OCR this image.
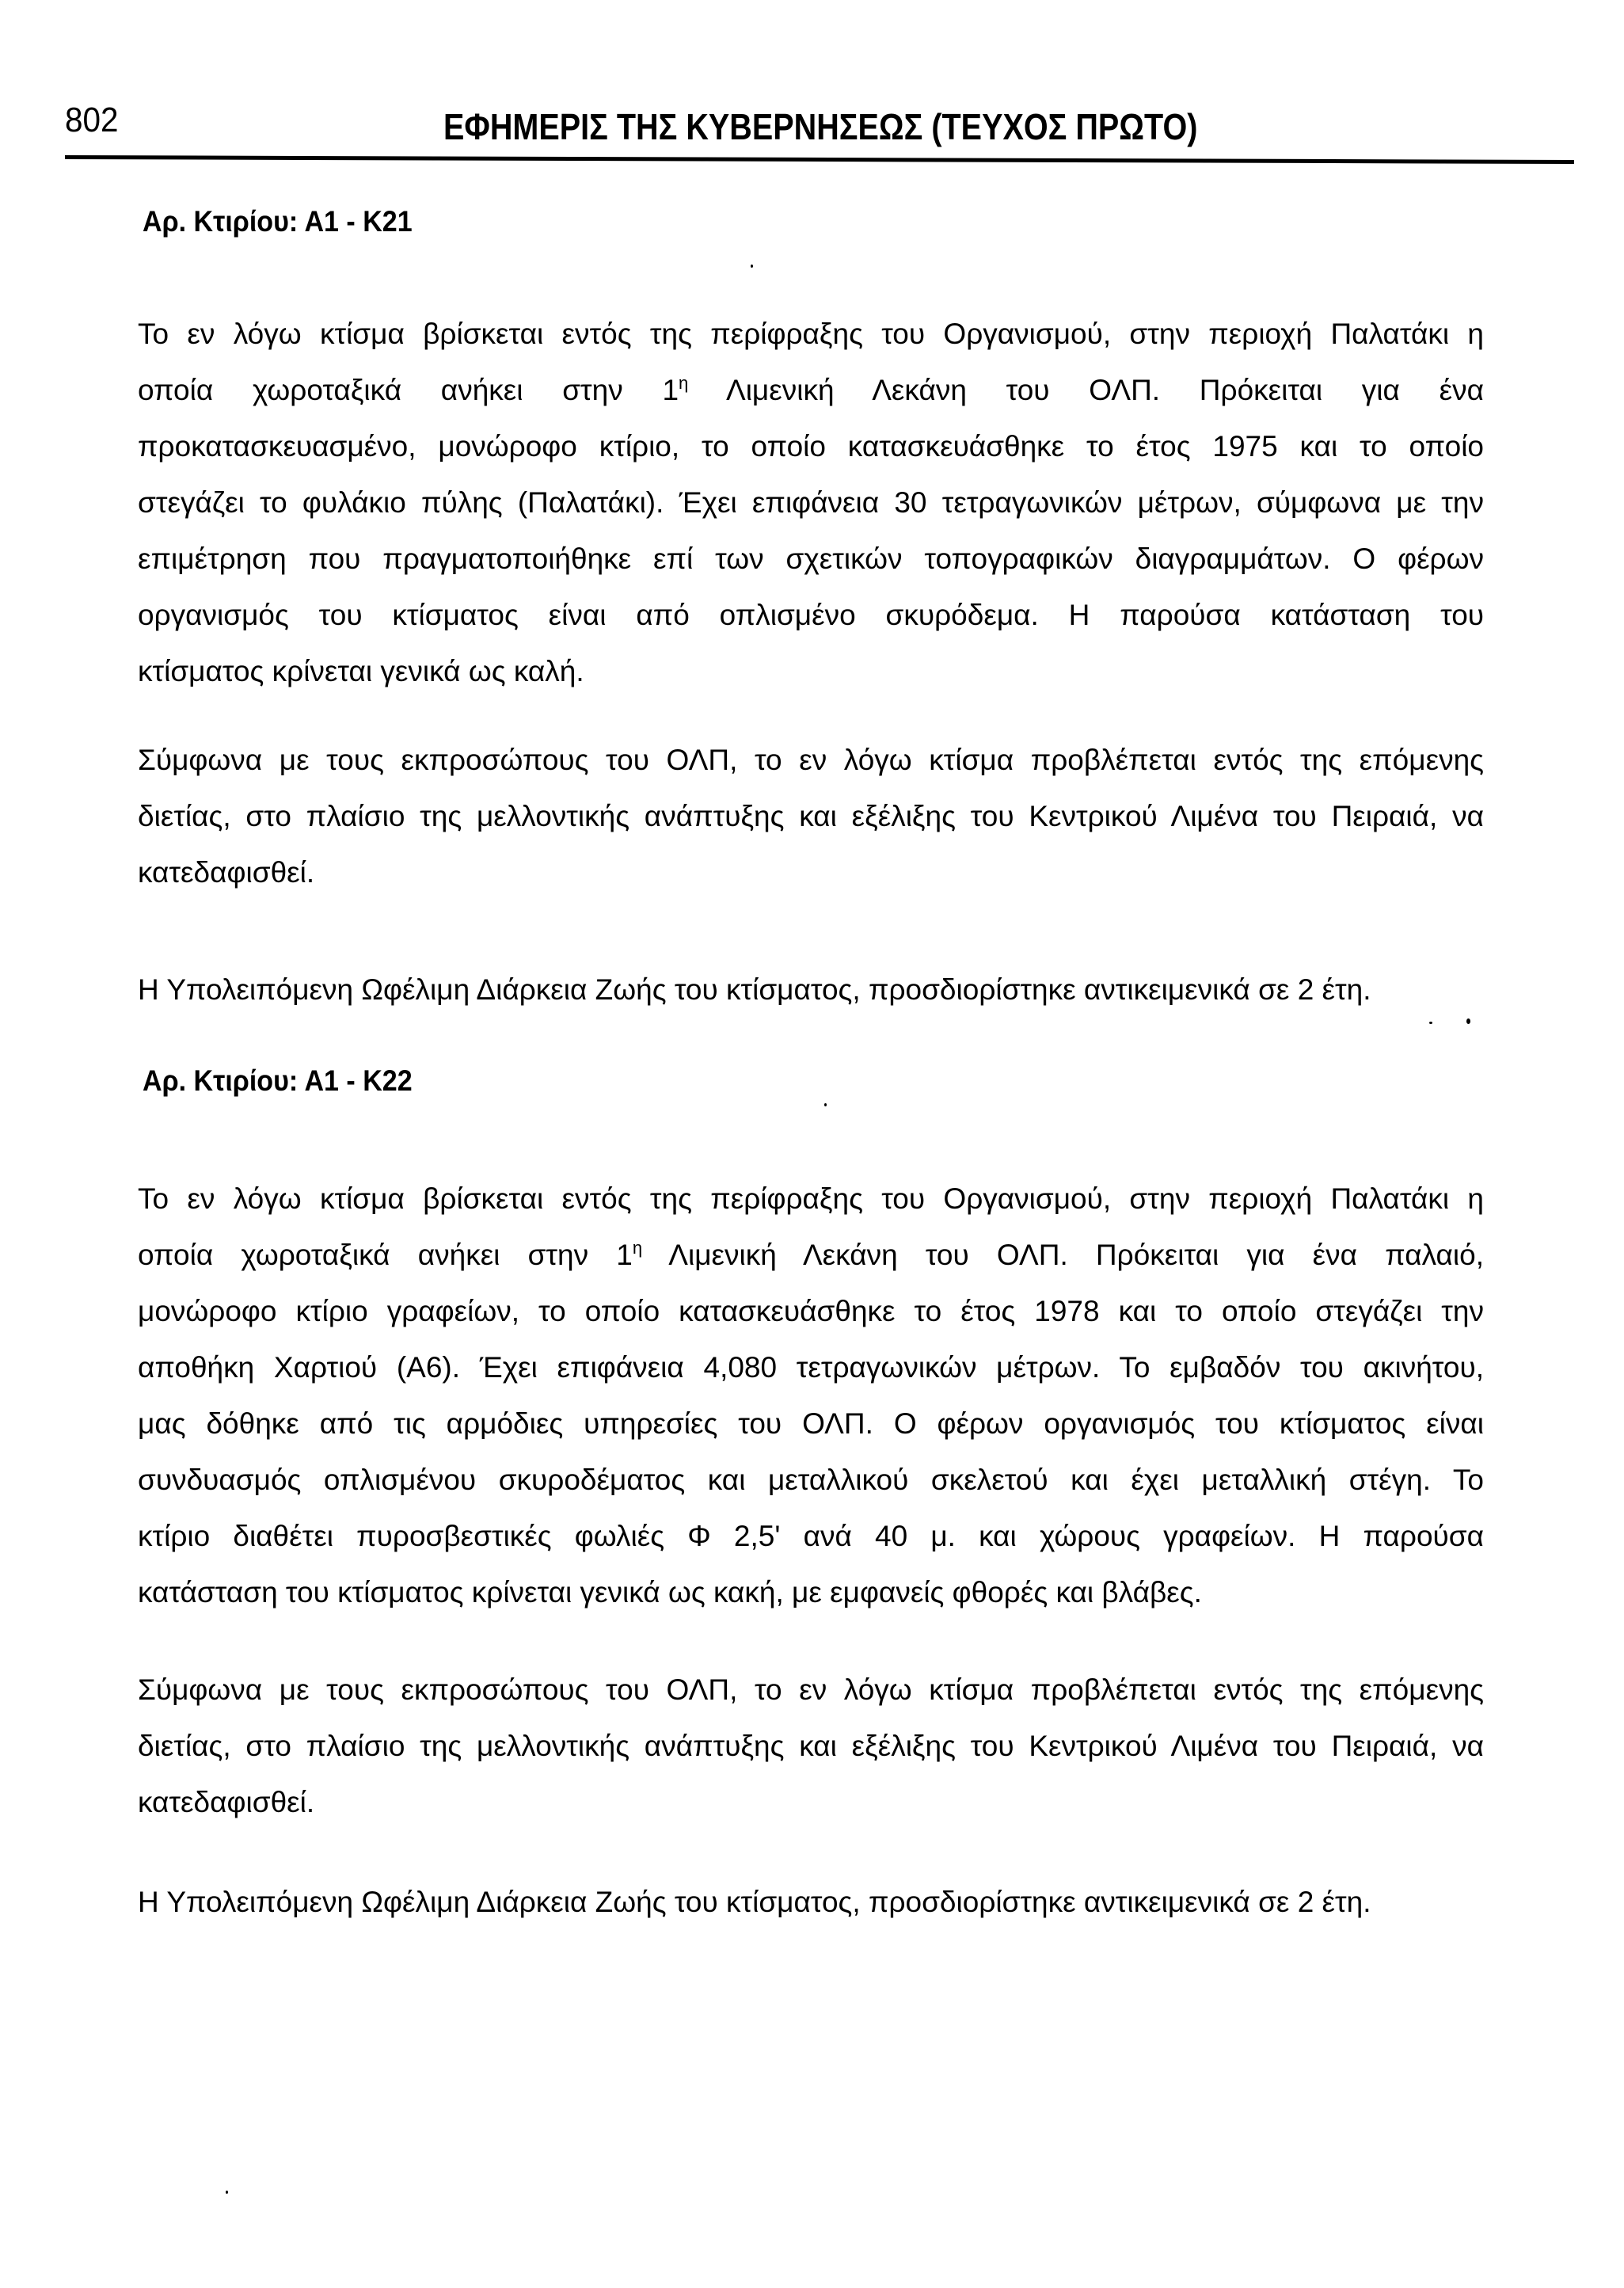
802	ΕΦΗΜΕΡΙΣ ΤΗΣ ΚΥΒΕΡΝΗΣΕΩΣ (ΤΕΥΧΟΣ ΠΡΩΤΟ)
Αρ. Κτιρίου: Α1 - Κ21
Το εν λόγω κτίσμα βρίσκεται εντός της περίφραξης του Οργανισμού, στην περιοχή Παλατάκι η
οποία χωροταξικά ανήκει στην $1^\eta$ Λιμενική Λεκάνη του ΟΛΠ. Πρόκειται για ένα
προκατασκευασμένο, μονώροφο κτίριο, το οποίο κατασκευάσθηκε το έτος 1975 και το οποίο
στεγάζει το φυλάκιο πύλης (Παλατάκι). Έχει επιφάνεια 30 τετραγωνικών μέτρων, σύμφωνα με την
επιμέτρηση που πραγματοποιήθηκε επί των σχετικών τοπογραφικών διαγραμμάτων. Ο φέρων
οργανισμός του κτίσματος είναι από οπλισμένο σκυρόδεμα. Η παρούσα κατάσταση του
κτίσματος κρίνεται γενικά ως καλή.
Σύμφωνα με τους εκπροσώπους του ΟΛΠ, το εν λόγω κτίσμα προβλέπεται εντός της επόμενης
διετίας, στο πλαίσιο της μελλοντικής ανάπτυξης και εξέλιξης του Κεντρικού Λιμένα του Πειραιά, να
κατεδαφισθεί.
Η Υπολειπόμενη Ωφέλιμη Διάρκεια Ζωής του κτίσματος, προσδιορίστηκε αντικειμενικά σε 2 έτη.
Αρ. Κτιρίου: Α1 - Κ22
Το εν λόγω κτίσμα βρίσκεται εντός της περίφραξης του Οργανισμού, στην περιοχή Παλατάκι η
οποία χωροταξικά ανήκει στην $1^\eta$ Λιμενική Λεκάνη του ΟΛΠ. Πρόκειται για ένα παλαιό,
μονώροφο κτίριο γραφείων, το οποίο κατασκευάσθηκε το έτος 1978 και το οποίο στεγάζει την
αποθήκη Χαρτιού (Α6). Έχει επιφάνεια 4,080 τετραγωνικών μέτρων. Το εμβαδόν του ακινήτου,
μας δόθηκε από τις αρμόδιες υπηρεσίες του ΟΛΠ. Ο φέρων οργανισμός του κτίσματος είναι
συνδυασμός οπλισμένου σκυροδέματος και μεταλλικού σκελετού και έχει μεταλλική στέγη. Το
κτίριο διαθέτει πυροσβεστικές φωλιές Φ 2,5' ανά 40 μ. και χώρους γραφείων. Η παρούσα
κατάσταση του κτίσματος κρίνεται γενικά ως κακή, με εμφανείς φθορές και βλάβες.
Σύμφωνα με τους εκπροσώπους του ΟΛΠ, το εν λόγω κτίσμα προβλέπεται εντός της επόμενης
διετίας, στο πλαίσιο της μελλοντικής ανάπτυξης και εξέλιξης του Κεντρικού Λιμένα του Πειραιά, να
κατεδαφισθεί.
Η Υπολειπόμενη Ωφέλιμη Διάρκεια Ζωής του κτίσματος, προσδιορίστηκε αντικειμενικά σε 2 έτη.
